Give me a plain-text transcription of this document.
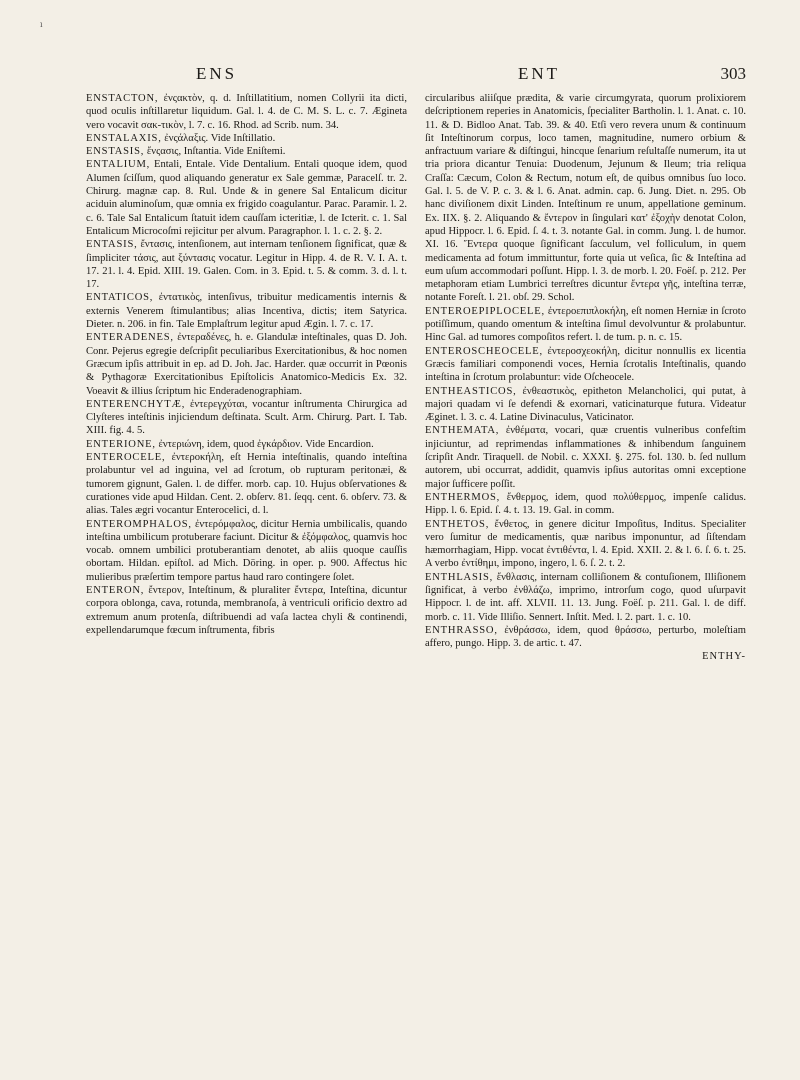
ı
ENS	ENT	303

ENSTACTON, ἐνςακτὸν, q. d. Inſtillatitium, nomen Collyrii ita dicti, quod oculis inſtillaretur liquidum. Gal. l. 4. de C. M. S. L. c. 7. Ægineta vero vocavit σακ-τικὸν, l. 7. c. 16. Rhod. ad Scrib. num. 34.

ENSTALAXIS, ἐνςάλαξις. Vide Inſtillatio.

ENSTASIS, ἔνςασις, Inſtantia. Vide Eniſtemi.

ENTALIUM, Entali, Entale. Vide Dentalium. Entali quoque idem, quod Alumen ſciſſum, quod aliquando generatur ex Sale gemmæ, Paracelſ. tr. 2. Chirurg. magnæ cap. 8. Rul. Unde & in genere Sal Entalicum dicitur aciduin aluminoſum, quæ omnia ex frigido coagulantur. Parac. Paramir. l. 2. c. 6. Tale Sal Entalicum ſtatuit idem cauſſam icteritiæ, l. de Icterit. c. 1. Sal Entalicum Microcoſmi rejicitur per alvum. Paragraphor. l. 1. c. 2. §. 2.

ENTASIS, ἔντασις, intenſionem, aut internam tenſionem ſignificat, quæ & ſimpliciter τάσις, aut ξύντασις vocatur. Legitur in Hipp. 4. de R. V. I. A. t. 17. 21. l. 4. Epid. XIII. 19. Galen. Com. in 3. Epid. t. 5. & comm. 3. d. l. t. 17.

ENTATICOS, ἐντατικὸς, intenſivus, tribuitur medicamentis internis & externis Venerem ſtimulantibus; alias Incentiva, dictis; item Satyrica. Dieter. n. 206. in fin. Tale Emplaſtrum legitur apud Ægin. l. 7. c. 17.

ENTERADENES, ἐντεραδένες, h. e. Glandulæ inteſtinales, quas D. Joh. Conr. Pejerus egregie deſcripſit peculiaribus Exercitationibus, & hoc nomen Græcum ipſis attribuit in ep. ad D. Joh. Jac. Harder. quæ occurrit in Pœonis & Pythagoræ Exercitationibus Epiſtolicis Anatomico-Medicis Ex. 32. Voeavit & illius ſcriptum hic Enderadenographiam.

ENTERENCHYTÆ, ἐντερεγχύται, vocantur inſtrumenta Chirurgica ad Clyſteres inteſtinis injiciendum deſtinata. Scult. Arm. Chirurg. Part. I. Tab. XIII. fig. 4. 5.

ENTERIONE, ἐντεριώνη, idem, quod ἐγκάρδιον. Vide Encardion.

ENTEROCELE, ἐντεροκήλη, eſt Hernia inteſtinalis, quando inteſtina prolabuntur vel ad inguina, vel ad ſcrotum, ob rupturam peritonæi, & tumorem gignunt, Galen. l. de differ. morb. cap. 10. Hujus obſervationes & curationes vide apud Hildan. Cent. 2. obſerv. 81. ſeqq. cent. 6. obſerv. 73. & alias. Tales ægri vocantur Enterocelici, d. l.

ENTEROMPHALOS, ἐντερόμφαλος, dicitur Hernia umbilicalis, quando inteſtina umbilicum protuberare faciunt. Dicitur & ἐξόμφαλος, quamvis hoc vocab. omnem umbilici protuberantiam denotet, ab aliis quoque cauſſis obortam. Hildan. epiſtol. ad Mich. Döring. in oper. p. 900. Affectus hic mulieribus præſertim tempore partus haud raro contingere ſolet.

ENTERON, ἔντερον, Inteſtinum, & pluraliter ἔντερα, Inteſtina, dicuntur corpora oblonga, cava, rotunda, membranoſa, à ventriculi orificio dextro ad extremum anum protenſa, diſtribuendi ad vaſa lactea chyli & continendi, expellendarumque fœcum inſtrumenta, fibris

circularibus aliiſque prædita, & varie circumgyrata, quorum prolixiorem deſcriptionem reperies in Anatomicis, ſpecialiter Bartholin. l. 1. Anat. c. 10. 11. & D. Bidloo Anat. Tab. 39. & 40. Etſi vero revera unum & continuum ſit Inteſtinorum corpus, loco tamen, magnitudine, numero orbium & anfractuum variare & diſtingui, hincque ſenarium reſultaſſe numerum, ita ut tria priora dicantur Tenuia: Duodenum, Jejunum & Ileum; tria reliqua Craſſa: Cæcum, Colon & Rectum, notum eſt, de quibus omnibus ſuo loco. Gal. l. 5. de V. P. c. 3. & l. 6. Anat. admin. cap. 6. Jung. Diet. n. 295. Ob hanc diviſionem dixit Linden. Inteſtinum re unum, appellatione geminum. Ex. IIX. §. 2. Aliquando & ἔντερον in ſingulari κατ' ἐξοχὴν denotat Colon, apud Hippocr. l. 6. Epid. ſ. 4. t. 3. notante Gal. in comm. Jung. l. de humor. XI. 16. Ἔντερα quoque ſignificant ſacculum, vel folliculum, in quem medicamenta ad fotum immittuntur, forte quia ut veſica, ſic & Inteſtina ad eum uſum accommodari poſſunt. Hipp. l. 3. de morb. l. 20. Foëſ. p. 212. Per metaphoram etiam Lumbrici terreſtres dicuntur ἔντερα γῆς, inteſtina terræ, notante Foreſt. l. 21. obſ. 29. Schol.

ENTEROEPIPLOCELE, ἐντεροεπιπλοκήλη, eſt nomen Herniæ in ſcroto potiſſimum, quando omentum & inteſtina ſimul devolvuntur & prolabuntur. Hinc Gal. ad tumores compoſitos refert. l. de tum. p. n. c. 15.

ENTEROSCHEOCELE, ἐντεροσχεοκήλη, dicitur nonnullis ex licentia Græcis familiari componendi voces, Hernia ſcrotalis Inteſtinalis, quando inteſtina in ſcrotum prolabuntur: vide Oſcheocele.

ENTHEASTICOS, ἐνθεαστικὸς, epitheton Melancholici, qui putat, à majori quadam vi ſe defendi & exornari, vaticinaturque futura. Videatur Æginet. l. 3. c. 4. Latine Divinaculus, Vaticinator.

ENTHEMATA, ἐνθέματα, vocari, quæ cruentis vulneribus confeſtim injiciuntur, ad reprimendas inflammationes & inhibendum ſanguinem ſcripſit Andr. Tiraquell. de Nobil. c. XXXI. §. 275. fol. 130. b. ſed nullum autorem, ubi occurrat, addidit, quamvis ipſius autoritas omni exceptione major ſufficere poſſit.

ENTHERMOS, ἔνθερμος, idem, quod πολύθερμος, impenſe calidus. Hipp. l. 6. Epid. ſ. 4. t. 13. 19. Gal. in comm.

ENTHETOS, ἔνθετος, in genere dicitur Impoſitus, Inditus. Specialiter vero ſumitur de medicamentis, quæ naribus imponuntur, ad ſiſtendam hæmorrhagiam, Hipp. vocat ἐντιθέντα, l. 4. Epid. XXII. 2. & l. 6. ſ. 6. t. 25. A verbo ἐντίθημι, impono, ingero, l. 6. ſ. 2. t. 2.

ENTHLASIS, ἔνθλασις, internam colliſionem & contuſionem, Illiſionem ſignificat, à verbo ἐνθλάζω, imprimo, introrſum cogo, quod uſurpavit Hippocr. l. de int. aff. XLVII. 11. 13. Jung. Foëſ. p. 211. Gal. l. de diff. morb. c. 11. Vide Illiſio. Sennert. Inſtit. Med. l. 2. part. 1. c. 10.

ENTHRASSO, ἐνθράσσω, idem, quod θράσσω, perturbo, moleſtiam affero, pungo. Hipp. 3. de artic. t. 47.

ENTHY-
